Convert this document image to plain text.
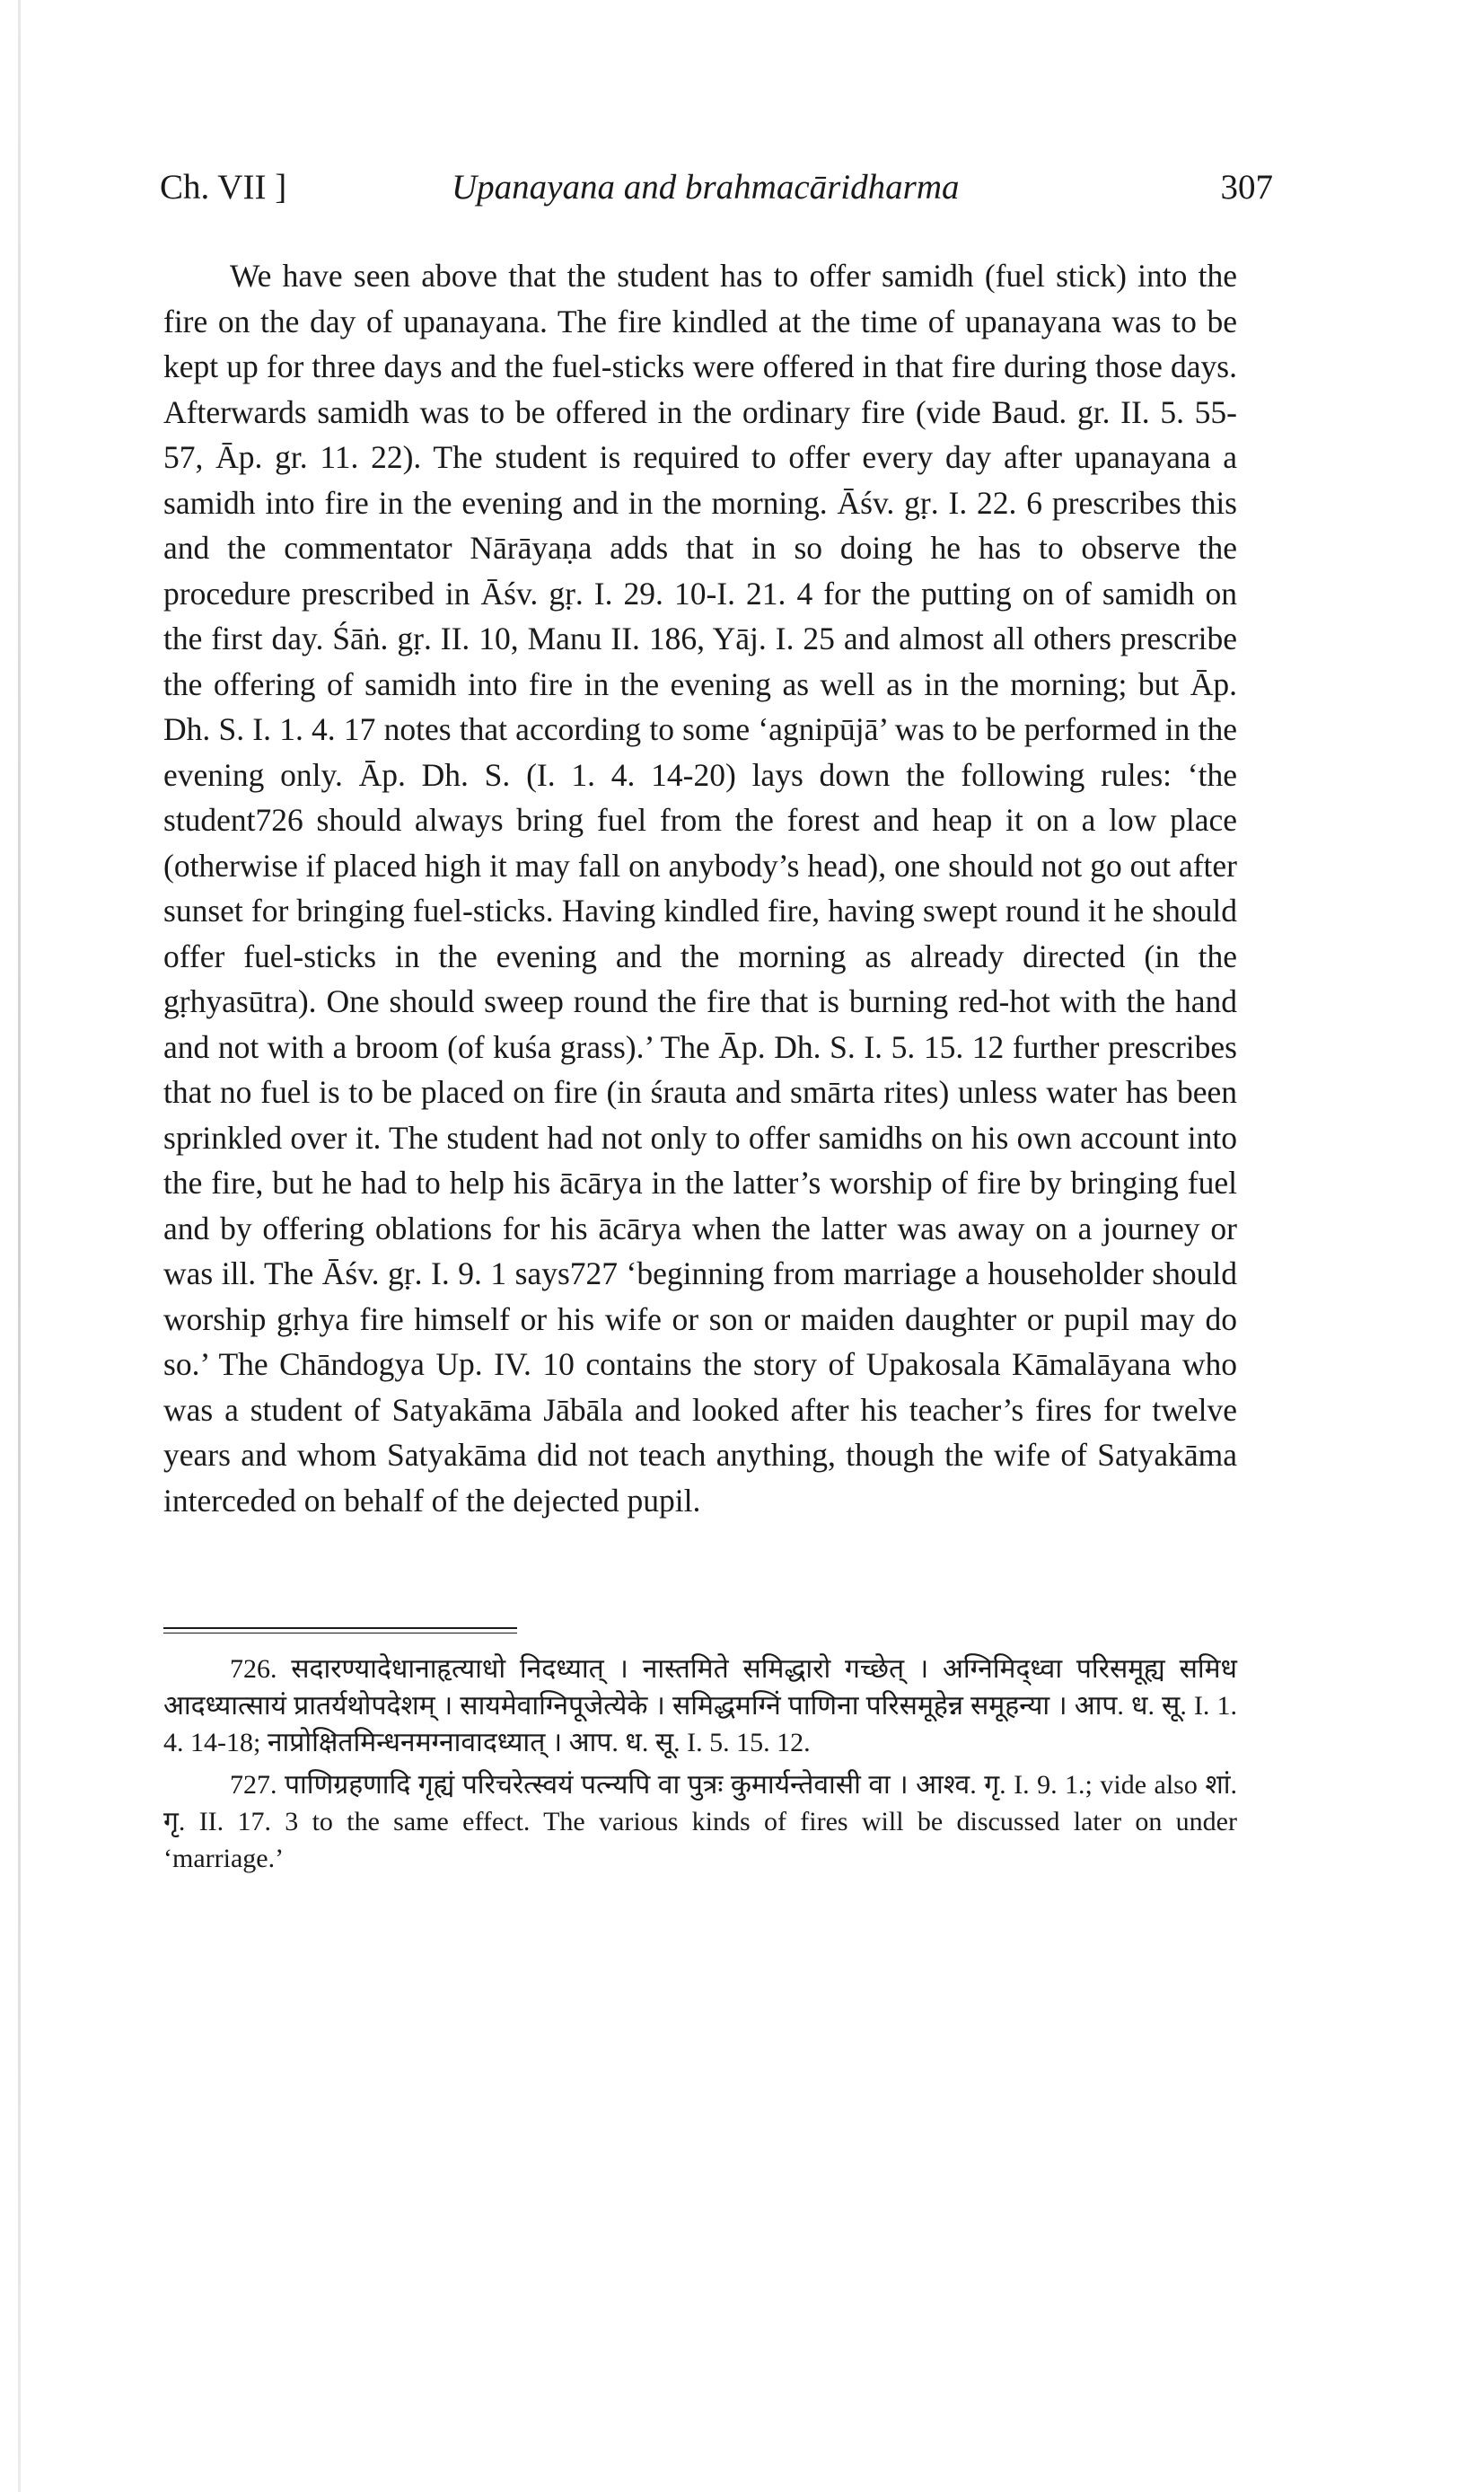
Ch. VII ]	Upanayana and brahmacāridharma	307

We have seen above that the student has to offer samidh (fuel stick) into the fire on the day of upanayana. The fire kindled at the time of upanayana was to be kept up for three days and the fuel-sticks were offered in that fire during those days. Afterwards samidh was to be offered in the ordinary fire (vide Baud. gr. II. 5. 55-57, Āp. gr. 11. 22). The student is required to offer every day after upanayana a samidh into fire in the evening and in the morning. Āśv. gṛ. I. 22. 6 prescribes this and the commentator Nārāyaṇa adds that in so doing he has to observe the procedure prescribed in Āśv. gṛ. I. 29. 10-I. 21. 4 for the putting on of samidh on the first day. Śāṅ. gṛ. II. 10, Manu II. 186, Yāj. I. 25 and almost all others prescribe the offering of samidh into fire in the evening as well as in the morning; but Āp. Dh. S. I. 1. 4. 17 notes that according to some ‘agnipūjā’ was to be performed in the evening only. Āp. Dh. S. (I. 1. 4. 14-20) lays down the following rules: ‘the student726 should always bring fuel from the forest and heap it on a low place (otherwise if placed high it may fall on anybody’s head), one should not go out after sunset for bringing fuel-sticks. Having kindled fire, having swept round it he should offer fuel-sticks in the evening and the morning as already directed (in the gṛhyasūtra). One should sweep round the fire that is burning red-hot with the hand and not with a broom (of kuśa grass).’ The Āp. Dh. S. I. 5. 15. 12 further prescribes that no fuel is to be placed on fire (in śrauta and smārta rites) unless water has been sprinkled over it. The student had not only to offer samidhs on his own account into the fire, but he had to help his ācārya in the latter’s worship of fire by bringing fuel and by offering oblations for his ācārya when the latter was away on a journey or was ill. The Āśv. gṛ. I. 9. 1 says727 ‘beginning from marriage a householder should worship gṛhya fire himself or his wife or son or maiden daughter or pupil may do so.’ The Chāndogya Up. IV. 10 contains the story of Upakosala Kāmalāyana who was a student of Satyakāma Jābāla and looked after his teacher’s fires for twelve years and whom Satyakāma did not teach anything, though the wife of Satyakāma interceded on behalf of the dejected pupil.

726. सदारण्यादेधानाहृत्याधो निदध्यात् । नास्तमिते समिद्धारो गच्छेत् । अग्निमिद्ध्वा परिसमूह्य समिध आदध्यात्सायं प्रातर्यथोपदेशम् । सायमेवाग्निपूजेत्येके । समिद्धमग्निं पाणिना परिसमूहेन्न समूहन्या । आप. ध. सू. I. 1. 4. 14-18; नाप्रोक्षितमिन्धनमग्नावादध्यात् । आप. ध. सू. I. 5. 15. 12.

727. पाणिग्रहणादि गृह्यं परिचरेत्स्वयं पत्न्यपि वा पुत्रः कुमार्यन्तेवासी वा । आश्व. गृ. I. 9. 1.; vide also शां. गृ. II. 17. 3 to the same effect. The various kinds of fires will be discussed later on under ‘marriage.’
